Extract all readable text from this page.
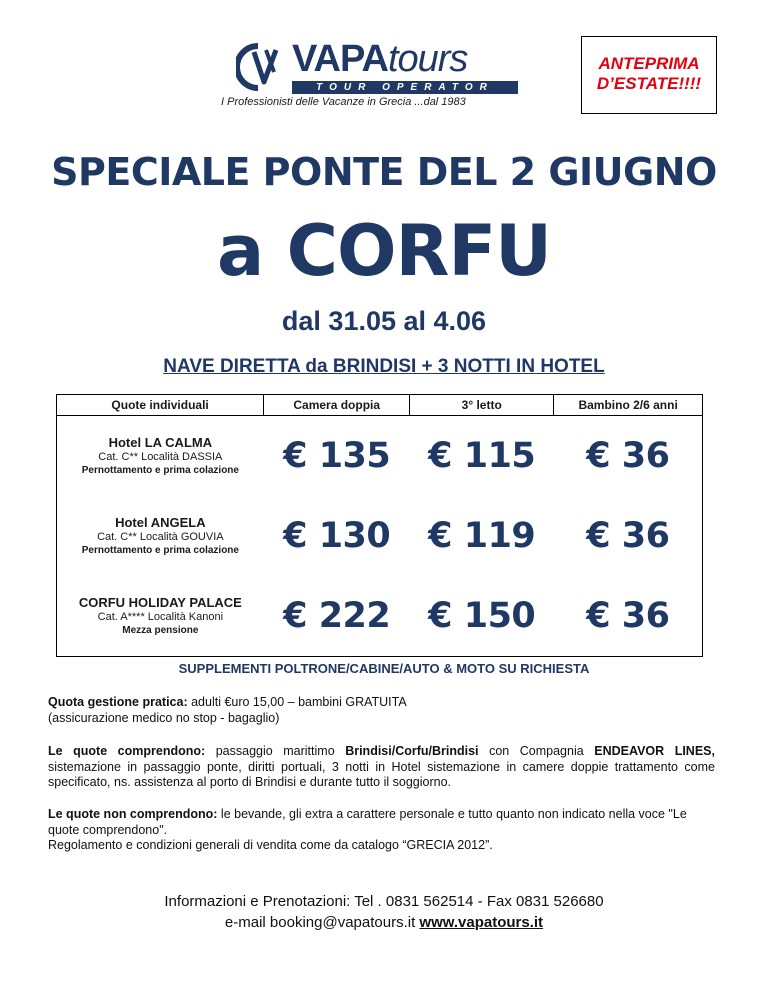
VAPAtours
TOUR OPERATOR
I Professionisti delle Vacanze in Grecia ...dal 1983
ANTEPRIMA
D’ESTATE!!!!
SPECIALE PONTE DEL 2 GIUGNO
a CORFU
dal 31.05 al 4.06
NAVE DIRETTA da BRINDISI + 3 NOTTI IN HOTEL
Quote individuali	Camera doppia	3° letto	Bambino 2/6 anni

Hotel LA CALMA
Cat. C** Località DASSIA
Pernottamento e prima colazione	€ 135	€ 115	€ 36

Hotel ANGELA
Cat. C** Località GOUVIA
Pernottamento e prima colazione	€ 130	€ 119	€ 36

CORFU HOLIDAY PALACE
Cat. A**** Località Kanoni
Mezza pensione	€ 222	€ 150	€ 36
SUPPLEMENTI POLTRONE/CABINE/AUTO & MOTO SU RICHIESTA
Quota gestione pratica: adulti €uro 15,00 – bambini GRATUITA
(assicurazione medico no stop - bagaglio)
Le quote comprendono: passaggio marittimo Brindisi/Corfu/Brindisi con Compagnia ENDEAVOR LINES, sistemazione in passaggio ponte, diritti portuali, 3 notti in Hotel sistemazione in camere doppie trattamento come specificato, ns. assistenza al porto di Brindisi e durante tutto il soggiorno.
Le quote non comprendono: le bevande, gli extra a carattere personale e tutto quanto non indicato nella voce "Le quote comprendono".
Regolamento e condizioni generali di vendita come da catalogo “GRECIA 2012”.
Informazioni e Prenotazioni: Tel . 0831 562514 - Fax 0831 526680
e-mail booking@vapatours.it www.vapatours.it
